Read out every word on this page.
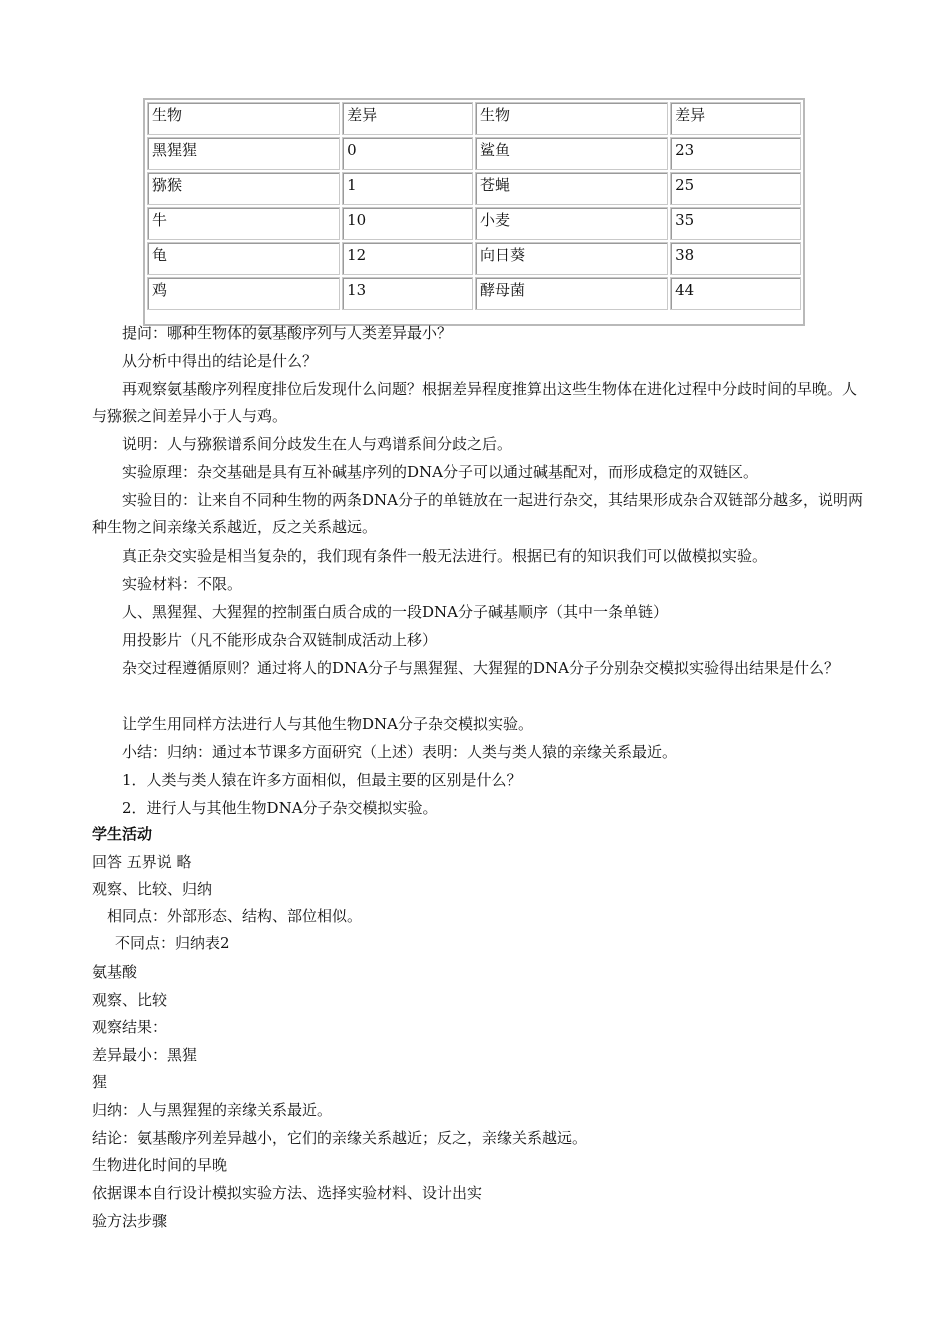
生物	差异	生物	差异
黑猩猩	0	鲨鱼	23
猕猴	1	苍蝇	25
牛	10	小麦	35
龟	12	向日葵	38
鸡	13	酵母菌	44
提问：哪种生物体的氨基酸序列与人类差异最小？
从分析中得出的结论是什么？
再观察氨基酸序列程度排位后发现什么问题？根据差异程度推算出这些生物体在进化过程中分歧时间的早晚。人与猕猴之间差异小于人与鸡。
说明：人与猕猴谱系间分歧发生在人与鸡谱系间分歧之后。
实验原理：杂交基础是具有互补碱基序列的DNA分子可以通过碱基配对，而形成稳定的双链区。
实验目的：让来自不同种生物的两条DNA分子的单链放在一起进行杂交，其结果形成杂合双链部分越多，说明两种生物之间亲缘关系越近，反之关系越远。
真正杂交实验是相当复杂的，我们现有条件一般无法进行。根据已有的知识我们可以做模拟实验。
实验材料：不限。
人、黑猩猩、大猩猩的控制蛋白质合成的一段DNA分子碱基顺序（其中一条单链）
用投影片（凡不能形成杂合双链制成活动上移）
杂交过程遵循原则？通过将人的DNA分子与黑猩猩、大猩猩的DNA分子分别杂交模拟实验得出结果是什么？
让学生用同样方法进行人与其他生物DNA分子杂交模拟实验。
小结：归纳：通过本节课多方面研究（上述）表明：人类与类人猿的亲缘关系最近。
1．人类与类人猿在许多方面相似，但最主要的区别是什么？
2．进行人与其他生物DNA分子杂交模拟实验。
学生活动
回答 五界说 略
观察、比较、归纳
相同点：外部形态、结构、部位相似。
不同点：归纳表2
氨基酸
观察、比较
观察结果：
差异最小：黑猩
猩
归纳：人与黑猩猩的亲缘关系最近。
结论：氨基酸序列差异越小，它们的亲缘关系越近；反之，亲缘关系越远。
生物进化时间的早晚
依据课本自行设计模拟实验方法、选择实验材料、设计出实
验方法步骤
